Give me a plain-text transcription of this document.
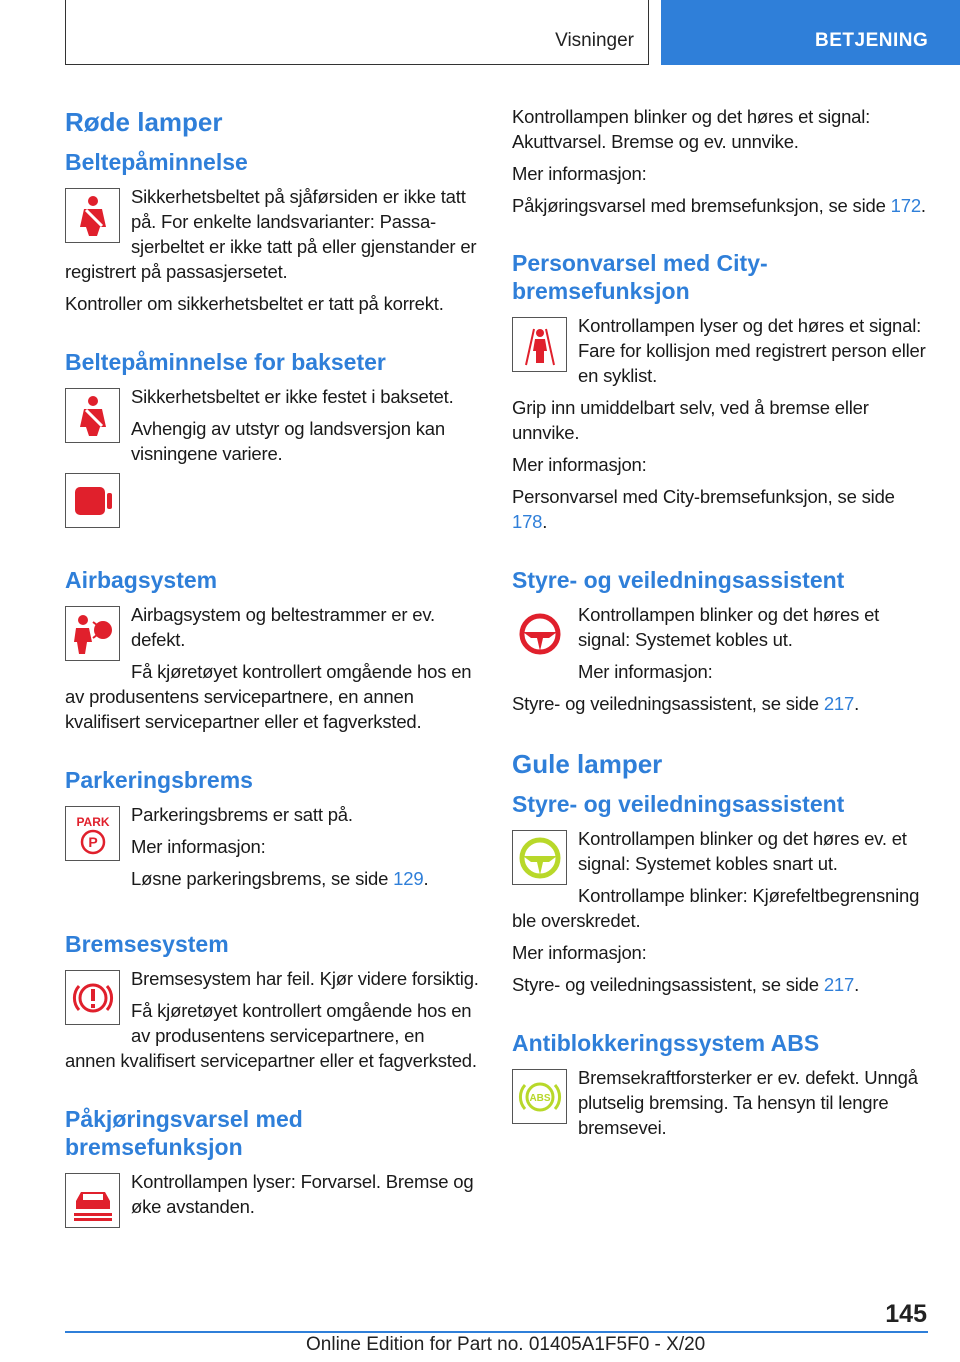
Visninger	BETJENING
Røde lamper
Beltepåminnelse

Sikkerhetsbeltet på sjåførsiden er ikke tatt på. For enkelte landsvarianter: Passasjerbeltet er ikke tatt på eller gjenstander er registrert på passasjersetet.

Kontroller om sikkerhetsbeltet er tatt på korrekt.

Beltepåminnelse for bakseter

Sikkerhetsbeltet er ikke festet i baksetet.

Avhengig av utstyr og landsversjon kan visningene variere.

Airbagsystem

Airbagsystem og beltestrammer er ev. defekt.

Få kjøretøyet kontrollert omgående hos en av produsentens servicepartnere, en annen kvalifisert servicepartner eller et fagverksted.

Parkeringsbrems
PARK
P

Parkeringsbrems er satt på.

Mer informasjon:

Løsne parkeringsbrems, se side 129.

Bremsesystem

Bremsesystem har feil. Kjør videre forsiktig.

Få kjøretøyet kontrollert omgående hos en av produsentens servicepartnere, en annen kvalifisert servicepartner eller et fagverksted.

Påkjøringsvarsel med bremsefunksjon

Kontrollampen lyser: Forvarsel. Bremse og øke avstanden.

Kontrollampen blinker og det høres et signal: Akuttvarsel. Bremse og ev. unnvike.

Mer informasjon:

Påkjøringsvarsel med bremsefunksjon, se side 172.

Personvarsel med City-bremsefunksjon

Kontrollampen lyser og det høres et signal: Fare for kollisjon med registrert person eller en syklist.

Grip inn umiddelbart selv, ved å bremse eller unnvike.

Mer informasjon:

Personvarsel med City-bremsefunksjon, se side 178.

Styre- og veiledningsassistent

Kontrollampen blinker og det høres et signal: Systemet kobles ut.

Mer informasjon:

Styre- og veiledningsassistent, se side 217.

Gule lamper
Styre- og veiledningsassistent

Kontrollampen blinker og det høres ev. et signal: Systemet kobles snart ut.

Kontrollampe blinker: Kjørefeltbegrensning ble overskredet.

Mer informasjon:

Styre- og veiledningsassistent, se side 217.

Antiblokkeringssystem ABS
ABS

Bremsekraftforsterker er ev. defekt. Unngå plutselig bremsing. Ta hensyn til lengre bremsevei.

145
Online Edition for Part no. 01405A1F5F0 - X/20
